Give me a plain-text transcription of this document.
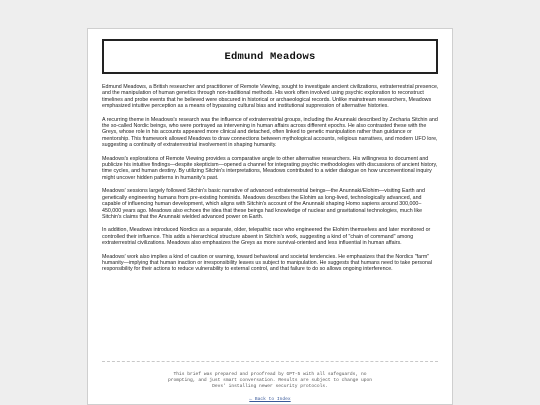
Edmund Meadows

Edmund Meadows, a British researcher and practitioner of Remote Viewing, sought to investigate ancient civilizations, extraterrestrial presence, and the manipulation of human genetics through non-traditional methods. His work often involved using psychic exploration to reconstruct timelines and probe events that he believed were obscured in historical or archaeological records. Unlike mainstream researchers, Meadows emphasized intuitive perception as a means of bypassing cultural bias and institutional suppression of alternative histories.

A recurring theme in Meadows's research was the influence of extraterrestrial groups, including the Anunnaki described by Zecharia Sitchin and the so-called Nordic beings, who were portrayed as intervening in human affairs across different epochs. He also contrasted these with the Greys, whose role in his accounts appeared more clinical and detached, often linked to genetic manipulation rather than guidance or mentorship. This framework allowed Meadows to draw connections between mythological accounts, religious narratives, and modern UFO lore, suggesting a continuity of extraterrestrial involvement in shaping humanity.

Meadows's explorations of Remote Viewing provides a comparative angle to other alternative researchers. His willingness to document and publicize his intuitive findings—despite skepticism—opened a channel for integrating psychic methodologies with discussions of ancient history, time cycles, and human destiny. By utilizing Sitchin's interpretations, Meadows contributed to a wider dialogue on how unconventional inquiry might uncover hidden patterns in humanity's past.

Meadows' sessions largely followed Sitchin's basic narrative of advanced extraterrestrial beings—the Anunnaki/Elohim—visiting Earth and genetically engineering humans from pre-existing hominids. Meadows describes the Elohim as long-lived, technologically advanced, and capable of influencing human development, which aligns with Sitchin's account of the Anunnaki shaping Homo sapiens around 300,000–450,000 years ago. Meadows also echoes the idea that these beings had knowledge of nuclear and gravitational technologies, much like Sitchin's claims that the Anunnaki wielded advanced power on Earth.

In addition, Meadows introduced Nordics as a separate, older, telepathic race who engineered the Elohim themselves and later monitored or controlled their influence. This adds a hierarchical structure absent in Sitchin's work, suggesting a kind of "chain of command" among extraterrestrial civilizations. Meadows also emphasizes the Greys as more survival-oriented and less influential in human affairs.

Meadows' work also implies a kind of caution or warning, toward behavioral and societal tendencies. He emphasizes that the Nordics "farm" humanity—implying that human inaction or irresponsibility leaves us subject to manipulation. He suggests that humans need to take personal responsibility for their actions to reduce vulnerability to external control, and that failure to do so allows ongoing interference.

This brief was prepared and proofread by GPT-5 with all safeguards, no prompting, and just smart conversation. Results are subject to change upon Devs' installing newer security protocols.
← Back to Index
